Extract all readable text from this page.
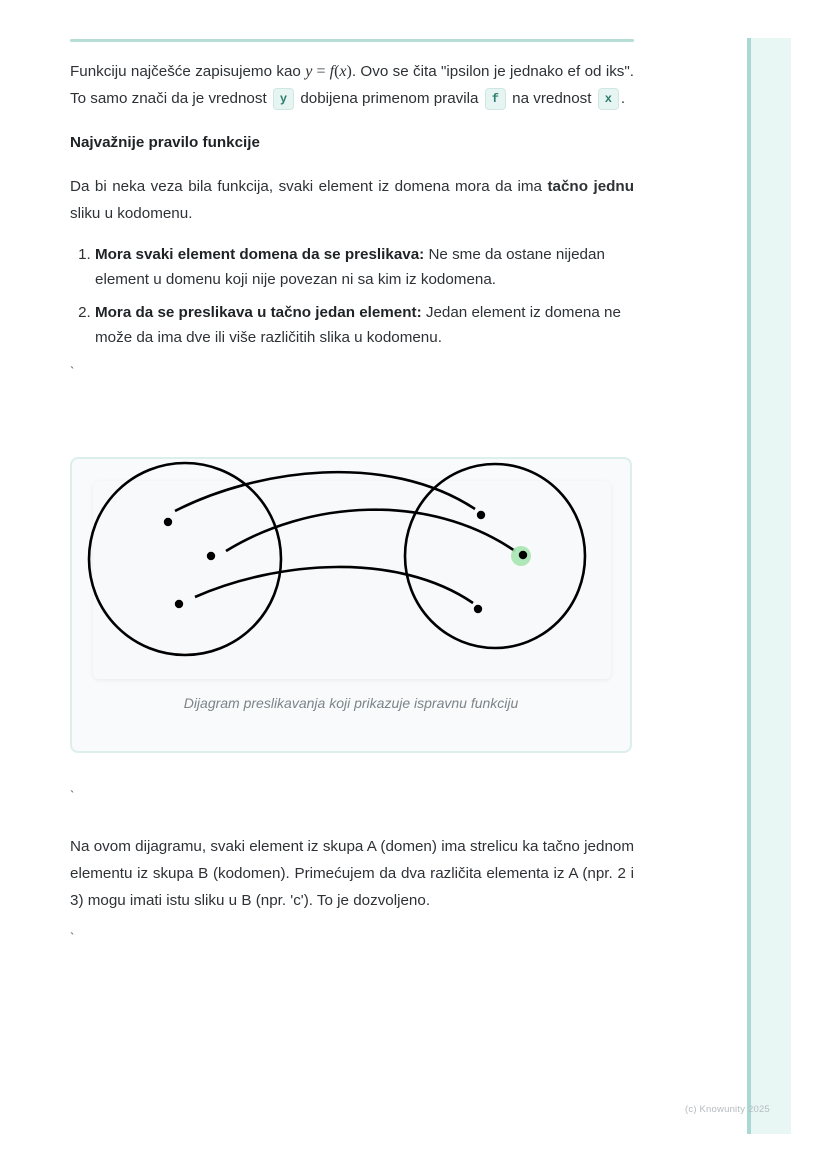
Funkciju najčešće zapisujemo kao y = f(x). Ovo se čita "ipsilon je jednako ef od iks". To samo znači da je vrednost y dobijena primenom pravila f na vrednost x .

Najvažnije pravilo funkcije

Da bi neka veza bila funkcija, svaki element iz domena mora da ima tačno jednu sliku u kodomenu.

1. Mora svaki element domena da se preslikava: Ne sme da ostane nijedan element u domenu koji nije povezan ni sa kim iz kodomena.
2. Mora da se preslikava u tačno jedan element: Jedan element iz domena ne može da ima dve ili više različitih slika u kodomenu.
`
Dijagram preslikavanja koji prikazuje ispravnu funkciju
`

Na ovom dijagramu, svaki element iz skupa A (domen) ima strelicu ka tačno jednom elementu iz skupa B (kodomen). Primećujem da dva različita elementa iz A (npr. 2 i 3) mogu imati istu sliku u B (npr. 'c'). To je dozvoljeno.

`
(c) Knowunity 2025
